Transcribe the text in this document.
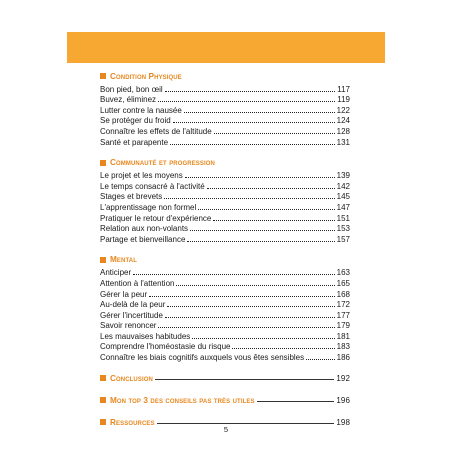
Condition Physique
Bon pied, bon œil	117
Buvez, éliminez	119
Lutter contre la nausée	122
Se protéger du froid	124
Connaître les effets de l'altitude	128
Santé et parapente	131
Communauté et progression
Le projet et les moyens	139
Le temps consacré à l'activité	142
Stages et brevets	145
L'apprentissage non formel	147
Pratiquer le retour d'expérience	151
Relation aux non-volants	153
Partage et bienveillance	157
Mental
Anticiper	163
Attention à l'attention	165
Gérer la peur	168
Au-delà de la peur	172
Gérer l'incertitude	177
Savoir renoncer	179
Les mauvaises habitudes	181
Comprendre l'homéostasie du risque	183
Connaître les biais cognitifs auxquels vous êtes sensibles	186
Conclusion	192
Mon top 3 des conseils pas très utiles	196
Ressources	198
5
